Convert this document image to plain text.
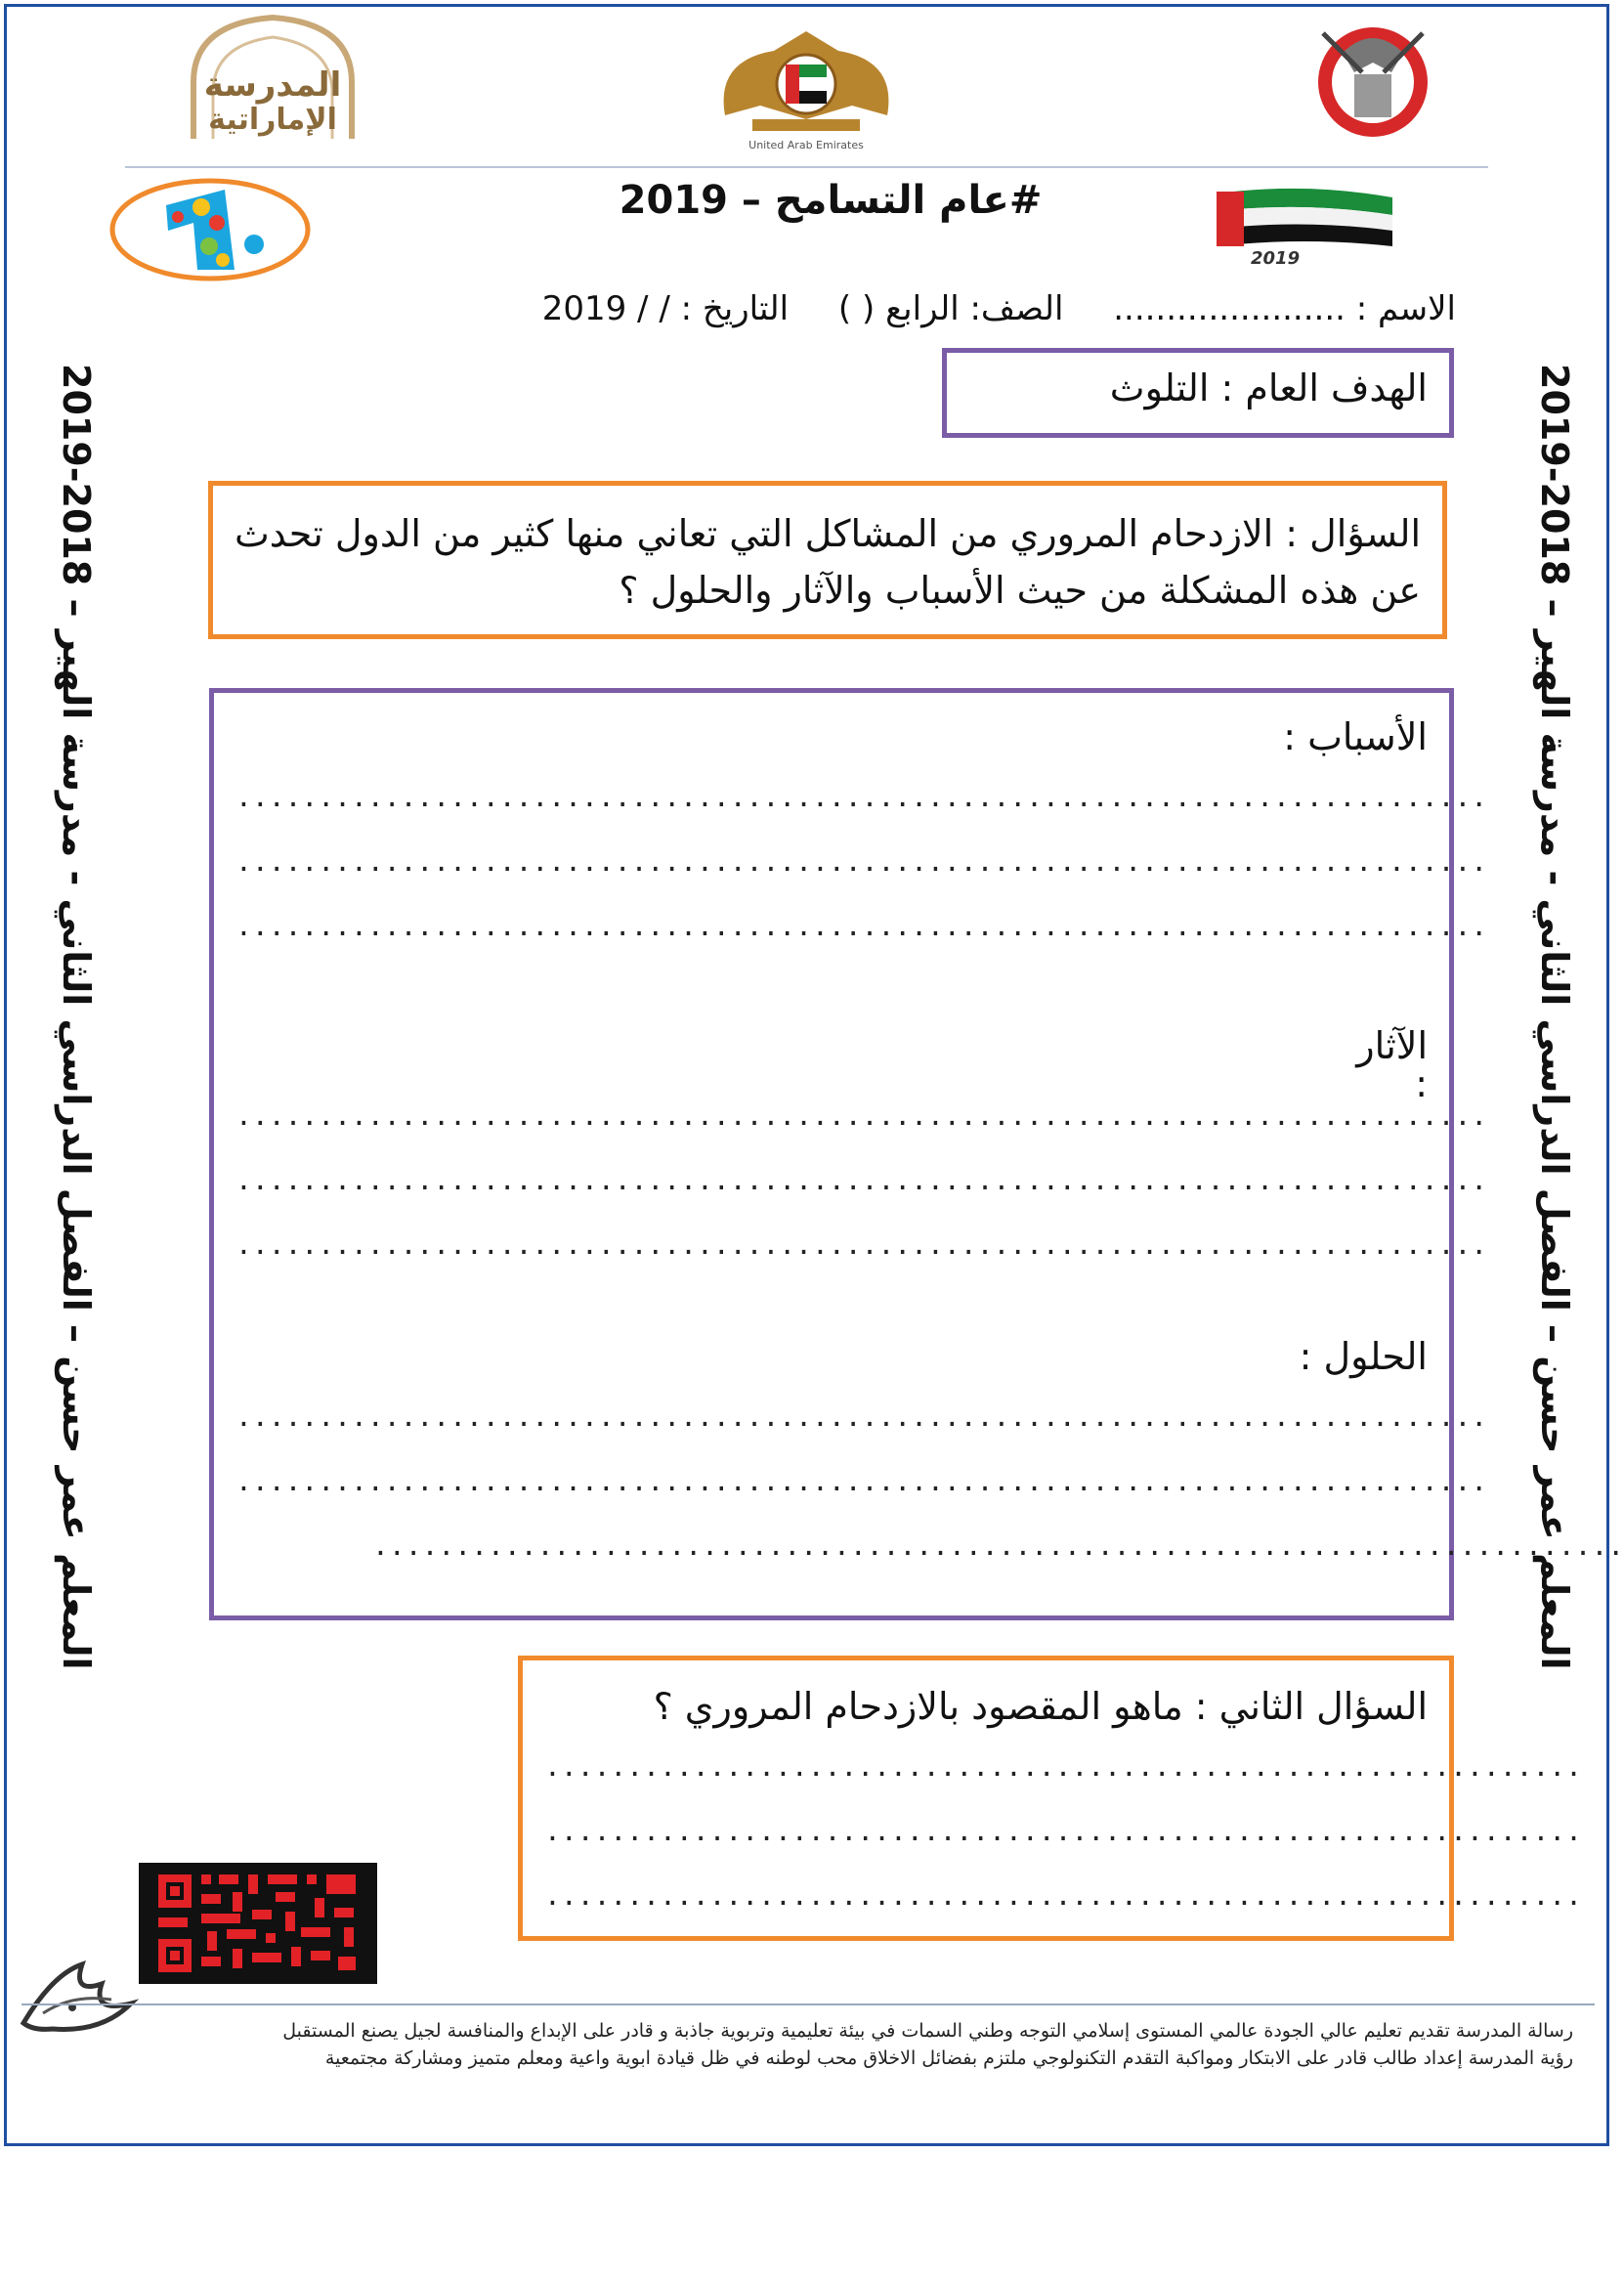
المعلم عمر حسن – الفصل الدراسي الثاني - مدرسة الهير – 2018-2019
المعلم عمر حسن – الفصل الدراسي الثاني - مدرسة الهير – 2018-2019
المدرسة
الإماراتية
United Arab Emirates
2019
#عام التسامح – 2019
الاسم : ...................... الصف: الرابع ( ) التاريخ : / / 2019
الهدف العام : التلوث
السؤال : الازدحام المروري من المشاكل التي تعاني منها كثير من الدول تحدث عن هذه المشكلة من حيث الأسباب والآثار والحلول ؟
الأسباب :
............................................................................
............................................................................
............................................................................
الآثار
:
............................................................................
............................................................................
............................................................................
الحلول :
............................................................................
............................................................................
............................................................................
السؤال الثاني : ماهو المقصود بالازدحام المروري ؟
...............................................................
...............................................................
...............................................................
رسالة المدرسة تقديم تعليم عالي الجودة عالمي المستوى إسلامي التوجه وطني السمات في بيئة تعليمية وتربوية جاذبة و قادر على الإبداع والمنافسة لجيل يصنع المستقبل
رؤية المدرسة إعداد طالب قادر على الابتكار ومواكبة التقدم التكنولوجي ملتزم بفضائل الاخلاق محب لوطنه في ظل قيادة ابوية واعية ومعلم متميز ومشاركة مجتمعية
